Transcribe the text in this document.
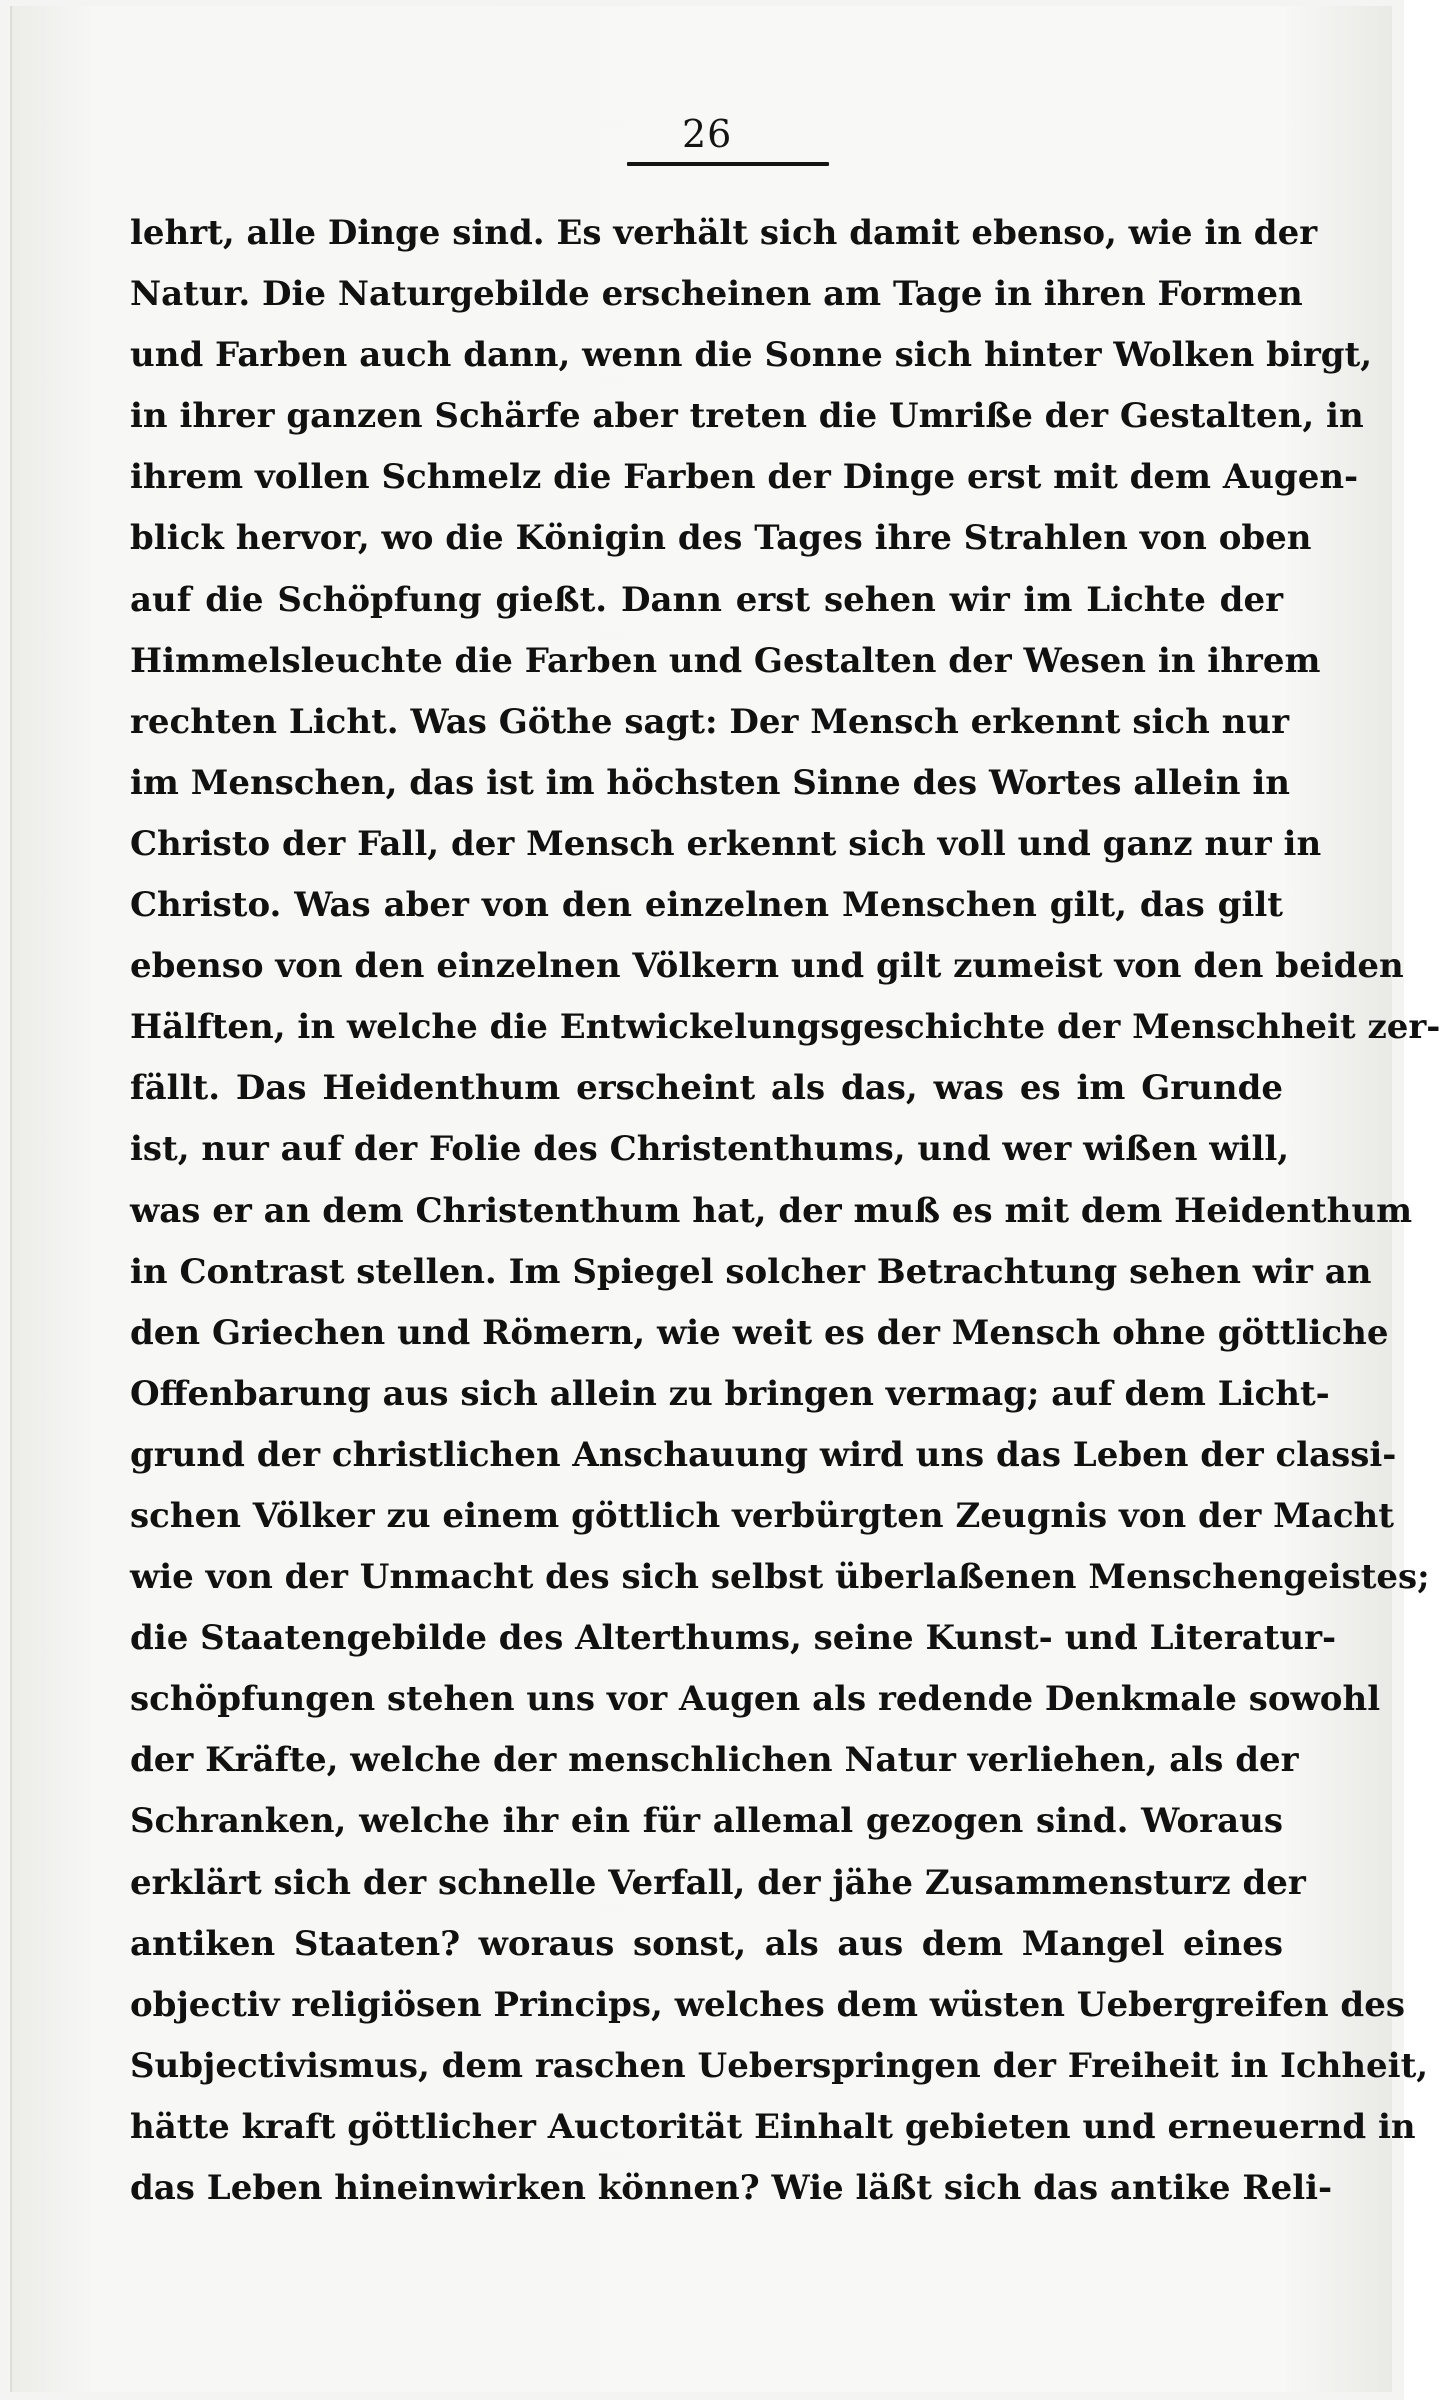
26
lehrt, alle Dinge sind. Es verhält sich damit ebenso, wie in der
Natur. Die Naturgebilde erscheinen am Tage in ihren Formen
und Farben auch dann, wenn die Sonne sich hinter Wolken birgt,
in ihrer ganzen Schärfe aber treten die Umriße der Gestalten, in
ihrem vollen Schmelz die Farben der Dinge erst mit dem Augen-
blick hervor, wo die Königin des Tages ihre Strahlen von oben
auf die Schöpfung gießt. Dann erst sehen wir im Lichte der
Himmelsleuchte die Farben und Gestalten der Wesen in ihrem
rechten Licht. Was Göthe sagt: Der Mensch erkennt sich nur
im Menschen, das ist im höchsten Sinne des Wortes allein in
Christo der Fall, der Mensch erkennt sich voll und ganz nur in
Christo. Was aber von den einzelnen Menschen gilt, das gilt
ebenso von den einzelnen Völkern und gilt zumeist von den beiden
Hälften, in welche die Entwickelungsgeschichte der Menschheit zer-
fällt. Das Heidenthum erscheint als das, was es im Grunde
ist, nur auf der Folie des Christenthums, und wer wißen will,
was er an dem Christenthum hat, der muß es mit dem Heidenthum
in Contrast stellen. Im Spiegel solcher Betrachtung sehen wir an
den Griechen und Römern, wie weit es der Mensch ohne göttliche
Offenbarung aus sich allein zu bringen vermag; auf dem Licht-
grund der christlichen Anschauung wird uns das Leben der classi-
schen Völker zu einem göttlich verbürgten Zeugnis von der Macht
wie von der Unmacht des sich selbst überlaßenen Menschengeistes;
die Staatengebilde des Alterthums, seine Kunst- und Literatur-
schöpfungen stehen uns vor Augen als redende Denkmale sowohl
der Kräfte, welche der menschlichen Natur verliehen, als der
Schranken, welche ihr ein für allemal gezogen sind. Woraus
erklärt sich der schnelle Verfall, der jähe Zusammensturz der
antiken Staaten? woraus sonst, als aus dem Mangel eines
objectiv religiösen Princips, welches dem wüsten Uebergreifen des
Subjectivismus, dem raschen Ueberspringen der Freiheit in Ichheit,
hätte kraft göttlicher Auctorität Einhalt gebieten und erneuernd in
das Leben hineinwirken können? Wie läßt sich das antike Reli-
